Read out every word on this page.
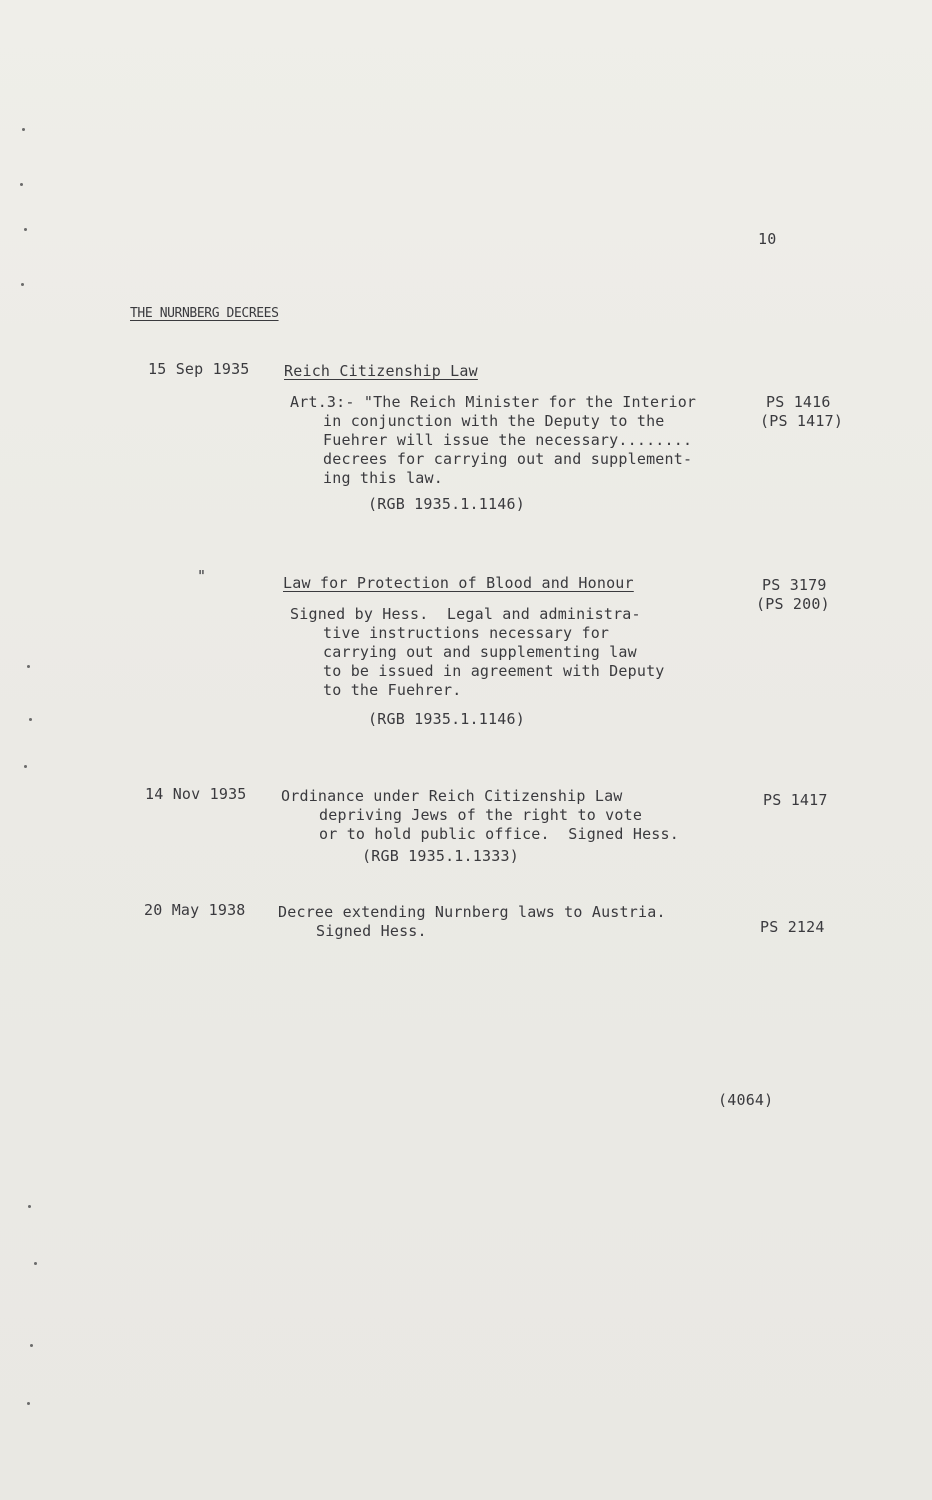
10
THE NURNBERG DECREES
15 Sep 1935 Reich Citizenship Law
Art.3:- "The Reich Minister for the Interior
in conjunction with the Deputy to the
Fuehrer will issue the necessary........
decrees for carrying out and supplement-
ing this law.
(RGB 1935.1.1146)
PS 1416
(PS 1417)
"	Law for Protection of Blood and Honour
Signed by Hess.  Legal and administra-
tive instructions necessary for
carrying out and supplementing law
to be issued in agreement with Deputy
to the Fuehrer.
(RGB 1935.1.1146)
PS 3179
(PS 200)
14 Nov 1935 Ordinance under Reich Citizenship Law
depriving Jews of the right to vote
or to hold public office.  Signed Hess.
(RGB 1935.1.1333)
PS 1417
20 May 1938 Decree extending Nurnberg laws to Austria.
Signed Hess.	PS 2124
(4064)
